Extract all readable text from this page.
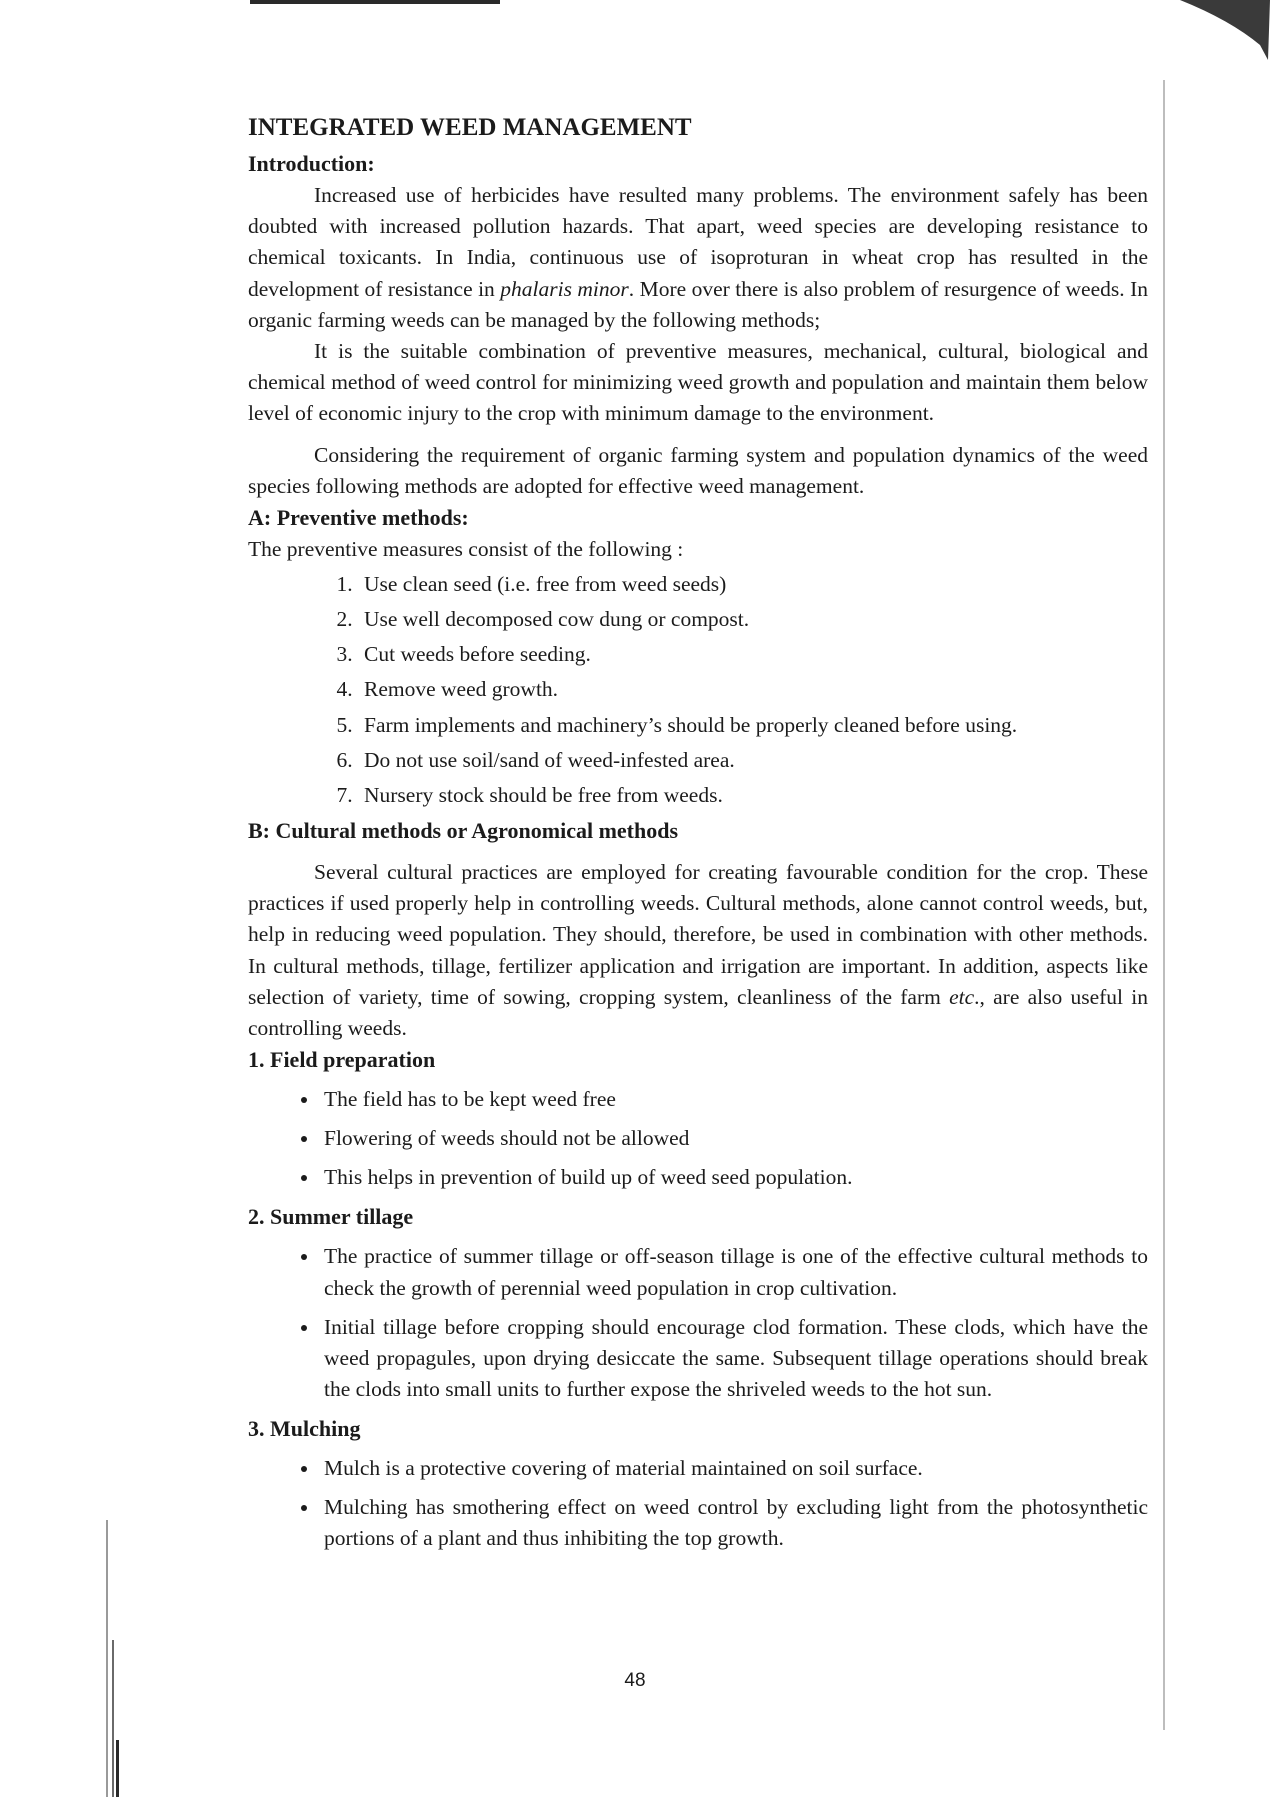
INTEGRATED WEED MANAGEMENT
Introduction:

Increased use of herbicides have resulted many problems. The environment safely has been doubted with increased pollution hazards. That apart, weed species are developing resistance to chemical toxicants. In India, continuous use of isoproturan in wheat crop has resulted in the development of resistance in phalaris minor. More over there is also problem of resurgence of weeds. In organic farming weeds can be managed by the following methods;

It is the suitable combination of preventive measures, mechanical, cultural, biological and chemical method of weed control for minimizing weed growth and population and maintain them below level of economic injury to the crop with minimum damage to the environment.

Considering the requirement of organic farming system and population dynamics of the weed species following methods are adopted for effective weed management.

A: Preventive methods:

The preventive measures consist of the following :

1. Use clean seed (i.e. free from weed seeds)
2. Use well decomposed cow dung or compost.
3. Cut weeds before seeding.
4. Remove weed growth.
5. Farm implements and machinery’s should be properly cleaned before using.
6. Do not use soil/sand of weed-infested area.
7. Nursery stock should be free from weeds.
B: Cultural methods or Agronomical methods

Several cultural practices are employed for creating favourable condition for the crop. These practices if used properly help in controlling weeds. Cultural methods, alone cannot control weeds, but, help in reducing weed population. They should, therefore, be used in combination with other methods. In cultural methods, tillage, fertilizer application and irrigation are important. In addition, aspects like selection of variety, time of sowing, cropping system, cleanliness of the farm etc., are also useful in controlling weeds.

1. Field preparation
• The field has to be kept weed free
• Flowering of weeds should not be allowed
• This helps in prevention of build up of weed seed population.
2. Summer tillage
• The practice of summer tillage or off-season tillage is one of the effective cultural methods to check the growth of perennial weed population in crop cultivation.
• Initial tillage before cropping should encourage clod formation. These clods, which have the weed propagules, upon drying desiccate the same. Subsequent tillage operations should break the clods into small units to further expose the shriveled weeds to the hot sun.
3. Mulching
• Mulch is a protective covering of material maintained on soil surface.
• Mulching has smothering effect on weed control by excluding light from the photosynthetic portions of a plant and thus inhibiting the top growth.
48
